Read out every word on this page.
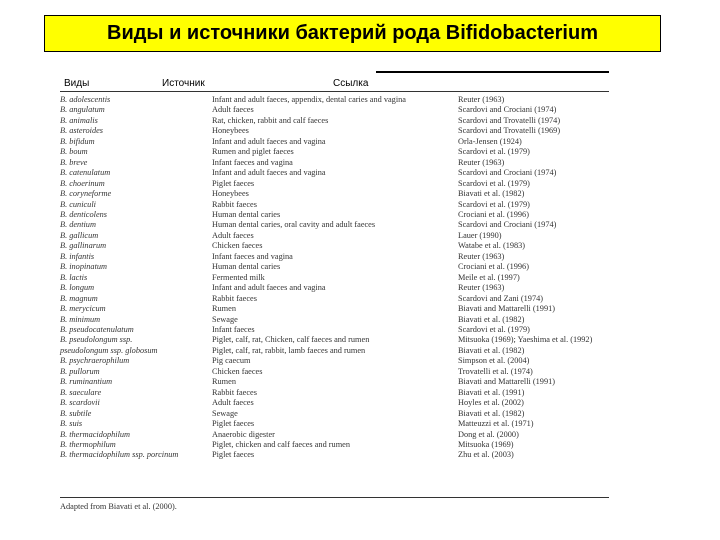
Виды и источники бактерий рода Bifidobacterium
Виды	Источник	Ссылка
B. adolescentis	Infant and adult faeces, appendix, dental caries and vagina	Reuter (1963)
B. angulatum	Adult faeces	Scardovi and Crociani (1974)
B. animalis	Rat, chicken, rabbit and calf faeces	Scardovi and Trovatelli (1974)
B. asteroides	Honeybees	Scardovi and Trovatelli (1969)
B. bifidum	Infant and adult faeces and vagina	Orla-Jensen (1924)
B. boum	Rumen and piglet faeces	Scardovi et al. (1979)
B. breve	Infant faeces and vagina	Reuter (1963)
B. catenulatum	Infant and adult faeces and vagina	Scardovi and Crociani (1974)
B. choerinum	Piglet faeces	Scardovi et al. (1979)
B. coryneforme	Honeybees	Biavati et al. (1982)
B. cuniculi	Rabbit faeces	Scardovi et al. (1979)
B. denticolens	Human dental caries	Crociani et al. (1996)
B. dentium	Human dental caries, oral cavity and adult faeces	Scardovi and Crociani (1974)
B. gallicum	Adult faeces	Lauer (1990)
B. gallinarum	Chicken faeces	Watabe et al. (1983)
B. infantis	Infant faeces and vagina	Reuter (1963)
B. inopinatum	Human dental caries	Crociani et al. (1996)
B. lactis	Fermented milk	Meile et al. (1997)
B. longum	Infant and adult faeces and vagina	Reuter (1963)
B. magnum	Rabbit faeces	Scardovi and Zani (1974)
B. merycicum	Rumen	Biavati and Mattarelli (1991)
B. minimum	Sewage	Biavati et al. (1982)
B. pseudocatenulatum	Infant faeces	Scardovi et al. (1979)
B. pseudolongum ssp.	Piglet, calf, rat, Chicken, calf faeces and rumen	Mitsuoka (1969); Yaeshima et al. (1992)
pseudolongum ssp. globosum	Piglet, calf, rat, rabbit, lamb faeces and rumen	Biavati et al. (1982)
B. psychraerophilum	Pig caecum	Simpson et al. (2004)
B. pullorum	Chicken faeces	Trovatelli et al. (1974)
B. ruminantium	Rumen	Biavati and Mattarelli (1991)
B. saeculare	Rabbit faeces	Biavati et al. (1991)
B. scardovii	Adult faeces	Hoyles et al. (2002)
B. subtile	Sewage	Biavati et al. (1982)
B. suis	Piglet faeces	Matteuzzi et al. (1971)
B. thermacidophilum	Anaerobic digester	Dong et al. (2000)
B. thermophilum	Piglet, chicken and calf faeces and rumen	Mitsuoka (1969)
B. thermacidophilum ssp. porcinum	Piglet faeces	Zhu et al. (2003)
Adapted from Biavati et al. (2000).
